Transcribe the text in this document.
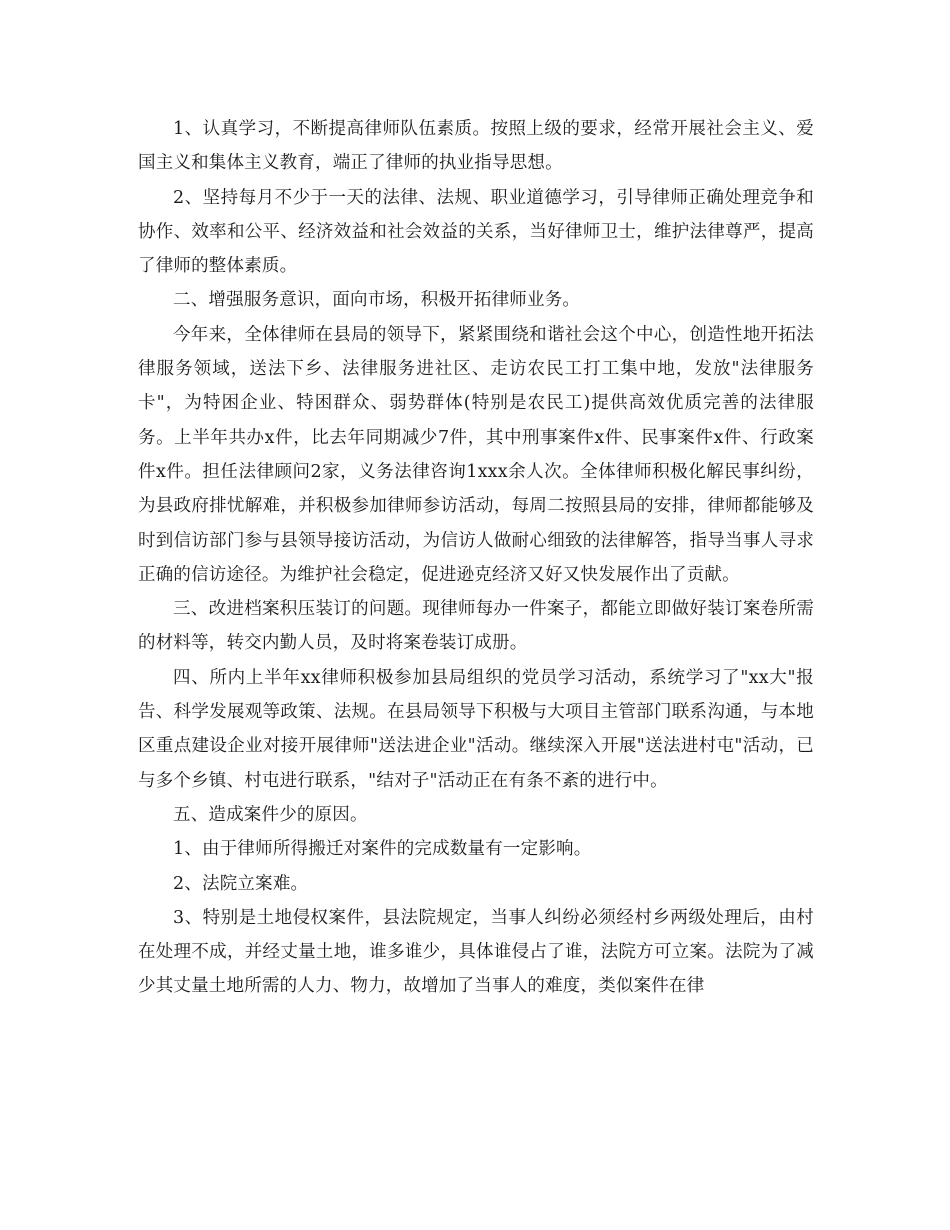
1、认真学习，不断提高律师队伍素质。按照上级的要求，经常开展社会主义、爱国主义和集体主义教育，端正了律师的执业指导思想。

2、坚持每月不少于一天的法律、法规、职业道德学习，引导律师正确处理竞争和协作、效率和公平、经济效益和社会效益的关系，当好律师卫士，维护法律尊严，提高了律师的整体素质。

二、增强服务意识，面向市场，积极开拓律师业务。

今年来，全体律师在县局的领导下，紧紧围绕和谐社会这个中心，创造性地开拓法律服务领域，送法下乡、法律服务进社区、走访农民工打工集中地，发放"法律服务卡"，为特困企业、特困群众、弱势群体(特别是农民工)提供高效优质完善的法律服务。上半年共办x件，比去年同期减少7件，其中刑事案件x件、民事案件x件、行政案件x件。担任法律顾问2家，义务法律咨询1xxx余人次。全体律师积极化解民事纠纷，为县政府排忧解难，并积极参加律师参访活动，每周二按照县局的安排，律师都能够及时到信访部门参与县领导接访活动，为信访人做耐心细致的法律解答，指导当事人寻求正确的信访途径。为维护社会稳定，促进逊克经济又好又快发展作出了贡献。

三、改进档案积压装订的问题。现律师每办一件案子，都能立即做好装订案卷所需的材料等，转交内勤人员，及时将案卷装订成册。

四、所内上半年xx律师积极参加县局组织的党员学习活动，系统学习了"xx大"报告、科学发展观等政策、法规。在县局领导下积极与大项目主管部门联系沟通，与本地区重点建设企业对接开展律师"送法进企业"活动。继续深入开展"送法进村屯"活动，已与多个乡镇、村屯进行联系，"结对子"活动正在有条不紊的进行中。

五、造成案件少的原因。

1、由于律师所得搬迁对案件的完成数量有一定影响。

2、法院立案难。

3、特别是土地侵权案件，县法院规定，当事人纠纷必须经村乡两级处理后，由村在处理不成，并经丈量土地，谁多谁少，具体谁侵占了谁，法院方可立案。法院为了减少其丈量土地所需的人力、物力，故增加了当事人的难度，类似案件在律
